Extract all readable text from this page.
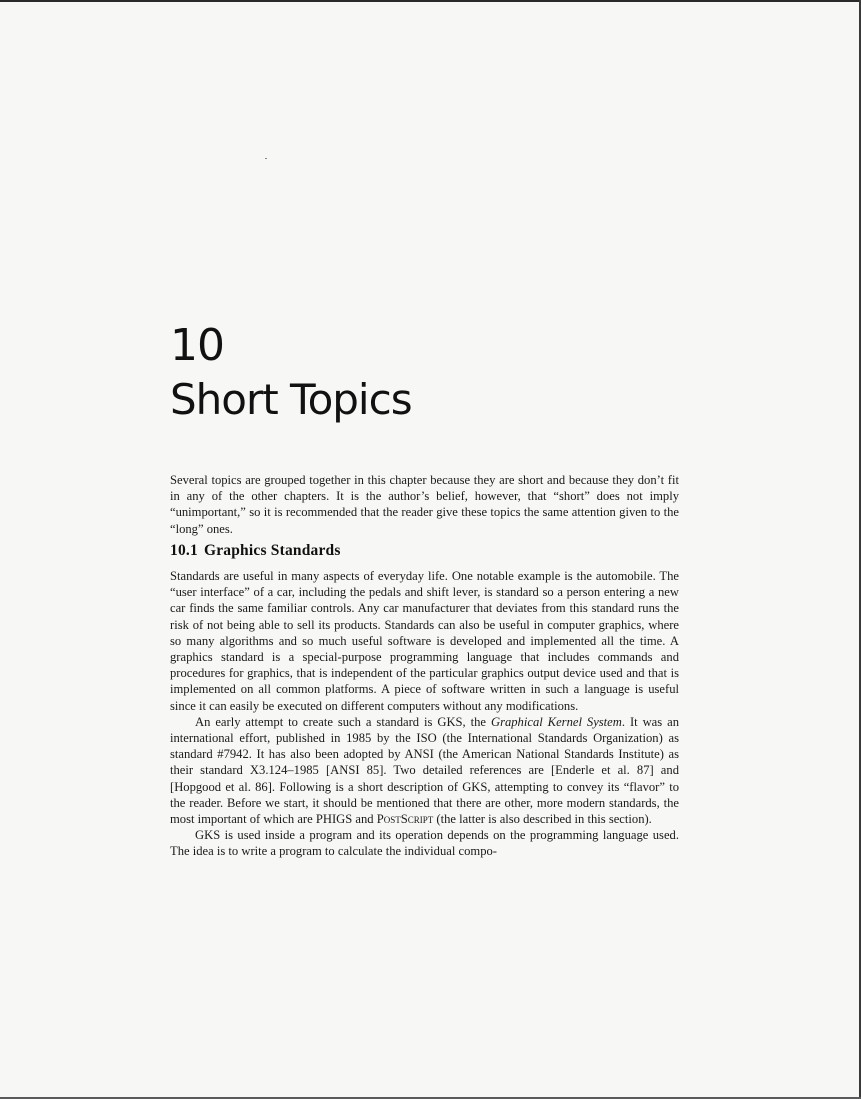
10
Short Topics

Several topics are grouped together in this chapter because they are short and because they don’t fit in any of the other chapters. It is the author’s belief, however, that “short” does not imply “unimportant,” so it is recommended that the reader give these topics the same attention given to the “long” ones.

10.1 Graphics Standards

Standards are useful in many aspects of everyday life. One notable example is the automobile. The “user interface” of a car, including the pedals and shift lever, is standard so a person entering a new car finds the same familiar controls. Any car manufacturer that deviates from this standard runs the risk of not being able to sell its products. Standards can also be useful in computer graphics, where so many algorithms and so much useful software is developed and implemented all the time. A graphics standard is a special-purpose programming language that includes commands and procedures for graphics, that is independent of the particular graphics output device used and that is implemented on all common platforms. A piece of software written in such a language is useful since it can easily be executed on different computers without any modifications.

An early attempt to create such a standard is GKS, the Graphical Kernel System. It was an international effort, published in 1985 by the ISO (the International Standards Organization) as standard #7942. It has also been adopted by ANSI (the American National Standards Institute) as their standard X3.124–1985 [ANSI 85]. Two detailed references are [Enderle et al. 87] and [Hopgood et al. 86]. Following is a short description of GKS, attempting to convey its “flavor” to the reader. Before we start, it should be mentioned that there are other, more modern standards, the most important of which are PHIGS and PostScript (the latter is also described in this section).

GKS is used inside a program and its operation depends on the programming language used. The idea is to write a program to calculate the individual compo-
